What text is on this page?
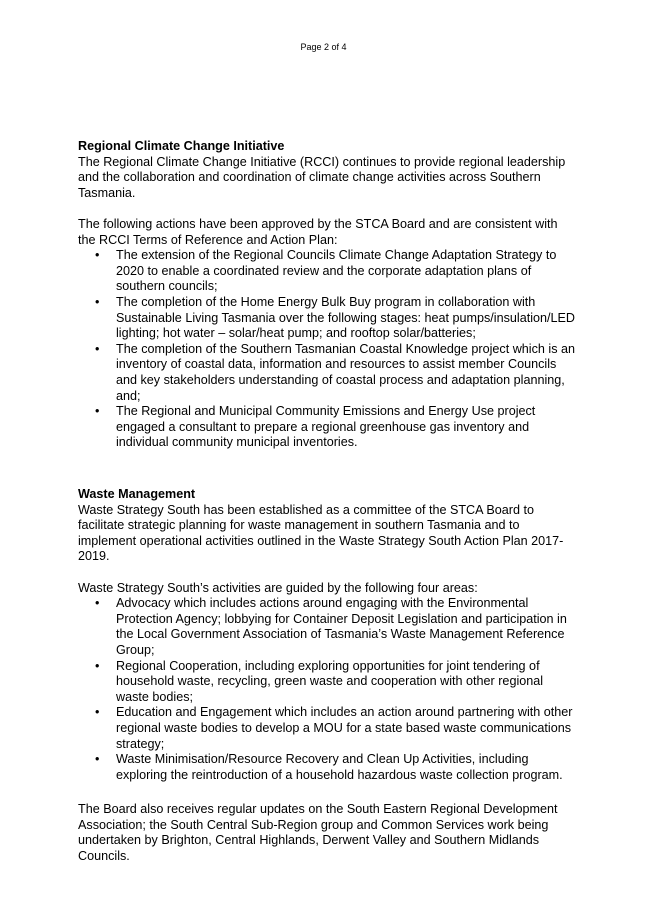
Page 2 of 4
Regional Climate Change Initiative

The Regional Climate Change Initiative (RCCI) continues to provide regional leadership and the collaboration and coordination of climate change activities across Southern Tasmania.

The following actions have been approved by the STCA Board and are consistent with the RCCI Terms of Reference and Action Plan:

• The extension of the Regional Councils Climate Change Adaptation Strategy to 2020 to enable a coordinated review and the corporate adaptation plans of southern councils;
• The completion of the Home Energy Bulk Buy program in collaboration with Sustainable Living Tasmania over the following stages: heat pumps/insulation/LED lighting; hot water – solar/heat pump; and rooftop solar/batteries;
• The completion of the Southern Tasmanian Coastal Knowledge project which is an inventory of coastal data, information and resources to assist member Councils and key stakeholders understanding of coastal process and adaptation planning, and;
• The Regional and Municipal Community Emissions and Energy Use project engaged a consultant to prepare a regional greenhouse gas inventory and individual community municipal inventories.
Waste Management

Waste Strategy South has been established as a committee of the STCA Board to facilitate strategic planning for waste management in southern Tasmania and to implement operational activities outlined in the Waste Strategy South Action Plan 2017-2019.

Waste Strategy South’s activities are guided by the following four areas:

• Advocacy which includes actions around engaging with the Environmental Protection Agency; lobbying for Container Deposit Legislation and participation in the Local Government Association of Tasmania’s Waste Management Reference Group;
• Regional Cooperation, including exploring opportunities for joint tendering of household waste, recycling, green waste and cooperation with other regional waste bodies;
• Education and Engagement which includes an action around partnering with other regional waste bodies to develop a MOU for a state based waste communications strategy;
• Waste Minimisation/Resource Recovery and Clean Up Activities, including exploring the reintroduction of a household hazardous waste collection program.

The Board also receives regular updates on the South Eastern Regional Development Association; the South Central Sub-Region group and Common Services work being undertaken by Brighton, Central Highlands, Derwent Valley and Southern Midlands Councils.
